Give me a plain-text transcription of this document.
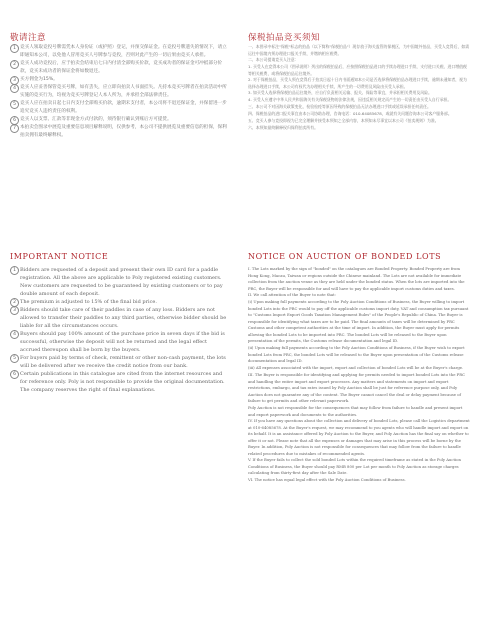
敬请注意
1 竞买人领取竞投号牌需凭本人身份证（或护照）登记，并预交保证金。在竞投号牌遗失的情况下，请立即通知本公司，以免他人冒用竞买人号牌参与竞投，否则对此产生的一切后果由竞买人承担。
2 竞买人成功竞投后，应于拍卖会结束后七日内付清全部购买价款，竞买成功者的保证金可冲抵部分价款，竞买未成功者的保证金将如数退还。
3 买方佣金为15%。
4 竞买人应妥善保管竞买号牌，如有丢失，应立即向拍卖人书面挂失。凡持本竞买号牌者在拍卖活动中所实施的竞买行为，均视为竞买号牌登记人本人所为，并承担全部法律责任。
5 竞买人应在拍卖日起七日内支付全部购买价款，逾期未支付者，本公司将不退还保证金，并保留进一步追究竞买人违约责任的权利。
6 竞买人以支票、汇款等非现金方式付款的，须待银行确认到账后方可提货。
7 本拍卖会图录中展览及重要信息项目解释说明，仅供参考，本公司不提供展览及重要信息的担保，保利拍卖拥有最终解释权。
IMPORTANT NOTICE
1 Bidders are requested of a deposit and present their own ID card for a paddle registration. All the above are applicable to Poly registered existing customers. New customers are requested to be guaranteed by existing customers or to pay double amount of each deposit.
2 The premium is adjusted to 15% of the final bid price.
3 Bidders should take care of their paddles in case of any loss. Bidders are not allowed to transfer their paddles to any third parties, otherwise bidder should be liable for all the circumstances occurs.
4 Buyers should pay 100% amount of the purchase price in seven days if the bid is successful, otherwise the deposit will not be returned and the legal effect accrued thereupon shall be born by the buyers.
5 For buyers paid by terms of check, remittent or other non-cash payment, the lots will be delivered after we receive the credit notice from our bank.
6 Certain publications in this catalogue are cited from the internet resources and for reference only. Poly is not responsible to provide the original documentation. The company reserves the right of final explanations.
保税拍品竞买须知
一、本图录中标注"保税"标志的拍品（以下简称"保税拍品"）现存放于海关监管的保税区，为中国境外拍品，买受人竞得后，如需运往中国境内须办理进口报关手续，并缴纳相应税费。
二、本公司提请竞买人注意：
1. 买受人在竞得本公司《图录说明》列出的保税拍品后，应按照保税拍品进口的手续办理进口手续，支付进口关税、进口增值税等相关税费，或将保税拍品运往境外。
2. 对于保税拍品，买受人须在竞得后于拍卖日起十日内书面通知本公司是否选择将保税拍品办理进口手续，逾期未通知者，视为选择办理进口手续，本公司有权代为办理相关手续，所产生的一切费用及风险由买受人承担。
3. 如买受人选择将保税拍品运往境外，应自行负责相关运输、报关、保险等事宜，并承担相关费用及风险。
4. 买受人应遵守中华人民共和国海关有关保税货物的法律法规，因违反相关规定而产生的一切责任由买受人自行承担。
三、本公司不对因海关政策变化、检验检疫等原因导致的保税拍品无法办理进口手续或延误承担任何责任。
四、保税拍品的进口报关事宜由本公司协助办理，咨询电话：010-64085678，或就有关问题咨询本公司客户服务部。
五、竞买人参与竞投即视为已完全理解并接受本须知之全部内容，本须知未尽事宜以本公司《拍卖规则》为准。
六、本须知最终解释权归保利拍卖所有。
NOTICE ON AUCTION OF BONDED LOTS
I. The Lots marked by the sign of "bonded" on the catalogues are Bonded Property. Bonded Property are from Hong Kong, Macau, Taiwan or regions outside the Chinese mainland. The Lots are not available for immediate collection from the auction venue as they are held under the bonded status. When the lots are imported into the PRC, the Buyer will be responsible for and will have to pay the applicable import customs duties and taxes.
II. We call attention of the Buyer to note that:
(i) Upon making full payments according to the Poly Auction Conditions of Business, the Buyer willing to import bonded Lots into the PRC would to pay off the applicable customs import duty, VAT and consumption tax pursuant to "Customs Import Export Goods Taxation Management Rules" of the People's Republic of China. The Buyer is responsible for identifying what taxes are to be paid. The final amounts of taxes will be determined by PRC Customs and other competent authorities at the time of import. In addition, the Buyer must apply for permits allowing the bonded Lots to be imported into PRC. The bonded Lots will be released to the Buyer upon presentation of the permits, the Customs release documentation and legal ID.
(ii) Upon making full payments according to the Poly Auction Conditions of Business, if the Buyer wish to export bonded Lots from PRC, the bonded Lots will be released to the Buyer upon presentation of the Customs release documentation and legal ID.
(iii) All expenses associated with the import, export and collection of bonded Lots will be at the Buyer's charge.
III. The Buyer is responsible for identifying and applying for permits needed to import bonded Lots into the PRC and handling the entire import and export processes. Any matters and statements on import and export restrictions, embargo, and tax rates issued by Poly Auction shall be just for reference purpose only, and Poly Auction does not guarantee any of the content. The Buyer cannot cancel the deal or delay payment because of failure to get permits and other relevant paperwork.
Poly Auction is not responsible for the consequences that may follow from failure to handle and present import and export paperwork and documents to the authorities.
IV. If you have any questions about the collection and delivery of bonded Lots, please call the Logistics department at 010-64085678. At the Buyer's request, we may recommend to you agents who will handle import and export on its behalf. It is an assistance offered by Poly Auction to the Buyer, and Poly Auction has the final say on whether to offer it or not. Please note that all the expenses or damages that may arise in this process will be borne by the Buyer. In addition, Poly Auction is not responsible for consequences that may follow from the failure to handle related procedures due to mistakes of recommended agents.
V. If the Buyer fails to collect the sold bonded Lots within the required timeframe as stated in the Poly Auction Conditions of Business, the Buyer should pay RMB 800 per Lot per month to Poly Auction as storage charges calculating from thirty-first day after the Sale Date.
VI. The notice has equal legal effect with the Poly Auction Conditions of Business.
